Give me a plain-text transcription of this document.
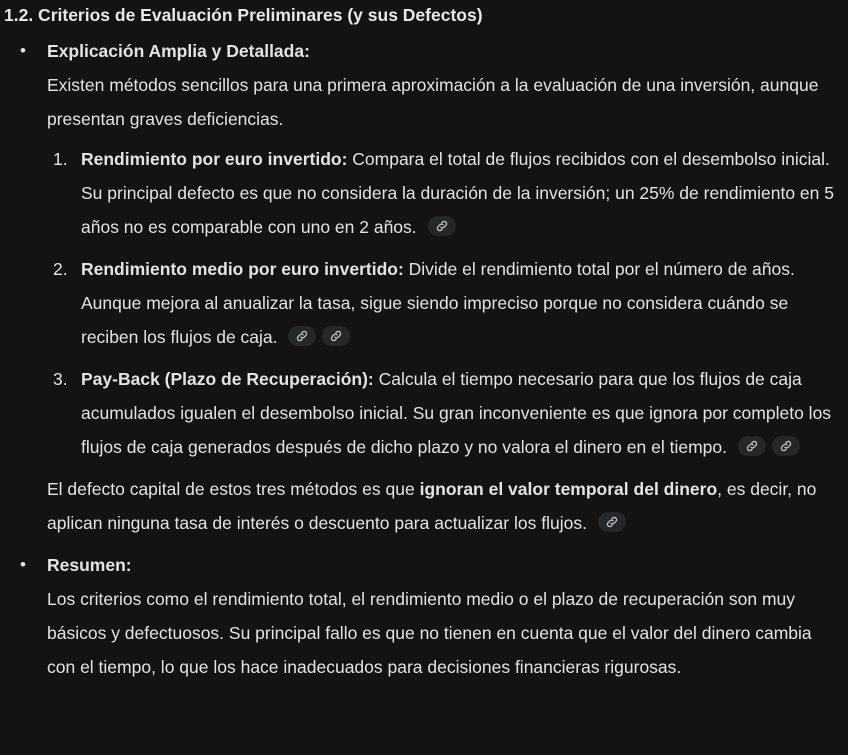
1.2. Criterios de Evaluación Preliminares (y sus Defectos)

• Explicación Amplia y Detallada:

Existen métodos sencillos para una primera aproximación a la evaluación de una inversión, aunque presentan graves deficiencias.

1. Rendimiento por euro invertido: Compara el total de flujos recibidos con el desembolso inicial. Su principal defecto es que no considera la duración de la inversión; un 25% de rendimiento en 5 años no es comparable con uno en 2 años.
2. Rendimiento medio por euro invertido: Divide el rendimiento total por el número de años. Aunque mejora al anualizar la tasa, sigue siendo impreciso porque no considera cuándo se reciben los flujos de caja.
3. Pay-Back (Plazo de Recuperación): Calcula el tiempo necesario para que los flujos de caja acumulados igualen el desembolso inicial. Su gran inconveniente es que ignora por completo los flujos de caja generados después de dicho plazo y no valora el dinero en el tiempo.

El defecto capital de estos tres métodos es que ignoran el valor temporal del dinero, es decir, no aplican ninguna tasa de interés o descuento para actualizar los flujos.

• Resumen:

Los criterios como el rendimiento total, el rendimiento medio o el plazo de recuperación son muy básicos y defectuosos. Su principal fallo es que no tienen en cuenta que el valor del dinero cambia con el tiempo, lo que los hace inadecuados para decisiones financieras rigurosas.
